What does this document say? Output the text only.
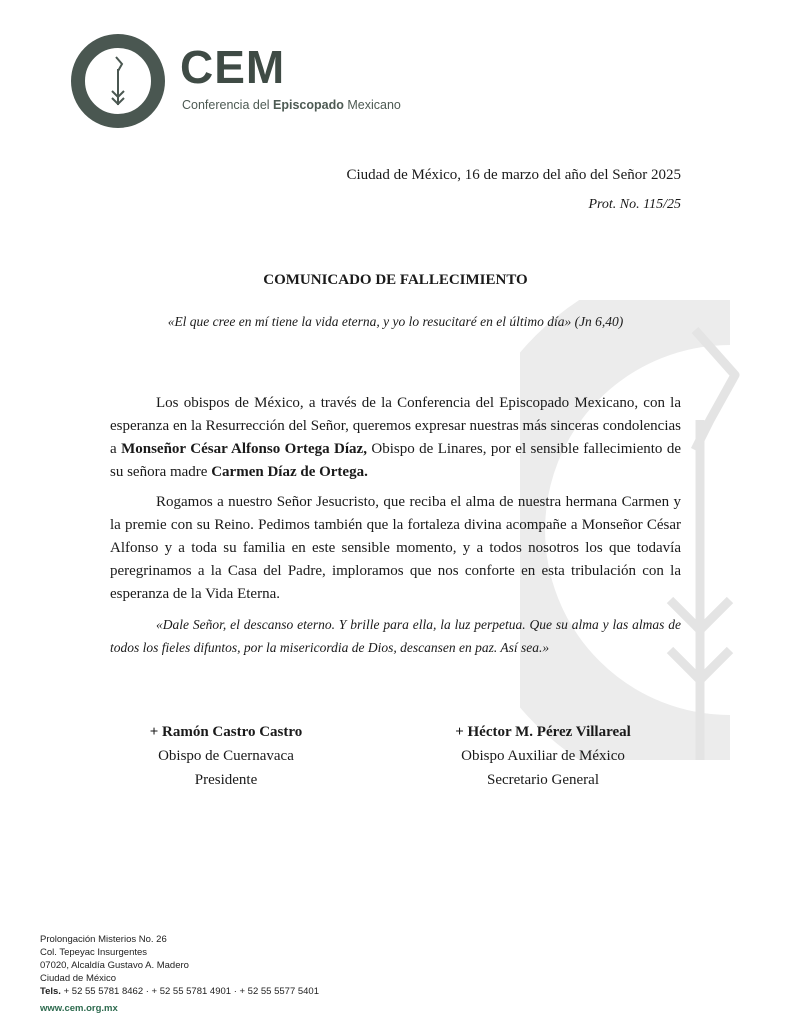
CEM
Conferencia del Episcopado Mexicano
Ciudad de México, 16 de marzo del año del Señor 2025
Prot. No. 115/25
COMUNICADO DE FALLECIMIENTO
«El que cree en mí tiene la vida eterna, y yo lo resucitaré en el último día» (Jn 6,40)

Los obispos de México, a través de la Conferencia del Episcopado Mexicano, con la esperanza en la Resurrección del Señor, queremos expresar nuestras más sinceras condolencias a Monseñor César Alfonso Ortega Díaz, Obispo de Linares, por el sensible fallecimiento de su señora madre Carmen Díaz de Ortega.

Rogamos a nuestro Señor Jesucristo, que reciba el alma de nuestra hermana Carmen y la premie con su Reino. Pedimos también que la fortaleza divina acompañe a Monseñor César Alfonso y a toda su familia en este sensible momento, y a todos nosotros los que todavía peregrinamos a la Casa del Padre, imploramos que nos conforte en esta tribulación con la esperanza de la Vida Eterna.

«Dale Señor, el descanso eterno. Y brille para ella, la luz perpetua. Que su alma y las almas de todos los fieles difuntos, por la misericordia de Dios, descansen en paz. Así sea.»

+ Ramón Castro Castro
Obispo de Cuernavaca
Presidente
+ Héctor M. Pérez Villareal
Obispo Auxiliar de México
Secretario General
Prolongación Misterios No. 26
Col. Tepeyac Insurgentes
07020, Alcaldía Gustavo A. Madero
Ciudad de México
Tels. + 52 55 5781 8462 · + 52 55 5781 4901 · + 52 55 5577 5401
www.cem.org.mx
